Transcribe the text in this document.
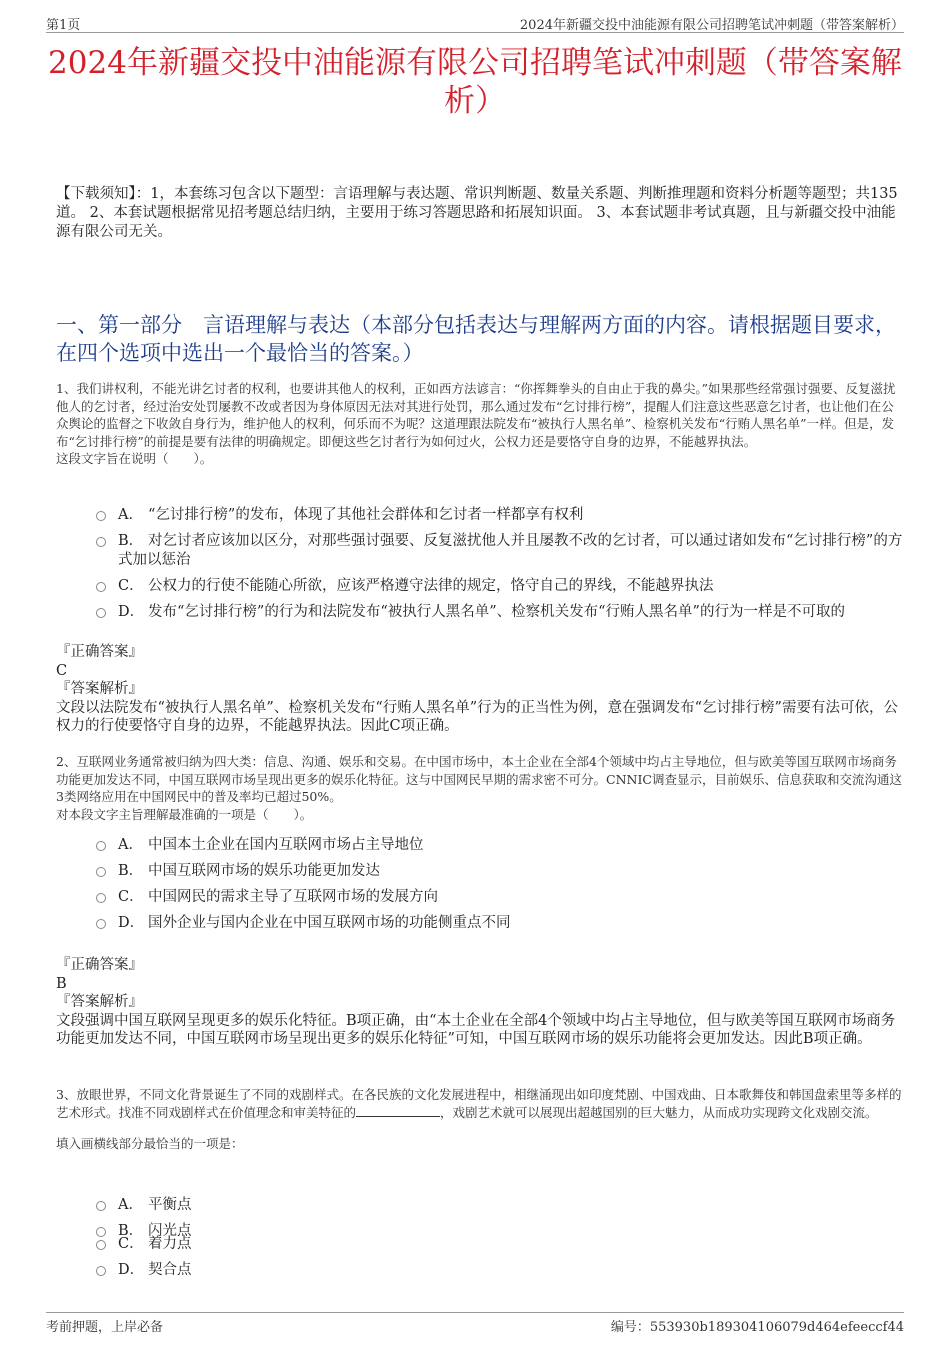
第1页	2024年新疆交投中油能源有限公司招聘笔试冲刺题（带答案解析）
2024年新疆交投中油能源有限公司招聘笔试冲刺题（带答案解析）
【下载须知】：1，本套练习包含以下题型：言语理解与表达题、常识判断题、数量关系题、判断推理题和资料分析题等题型；共135道。 2、本套试题根据常见招考题总结归纳，主要用于练习答题思路和拓展知识面。 3、本套试题非考试真题，且与新疆交投中油能源有限公司无关。
一、第一部分　言语理解与表达（本部分包括表达与理解两方面的内容。请根据题目要求，在四个选项中选出一个最恰当的答案。）
1、我们讲权利，不能光讲乞讨者的权利，也要讲其他人的权利，正如西方法谚言：“你挥舞拳头的自由止于我的鼻尖。”如果那些经常强讨强要、反复滋扰他人的乞讨者，经过治安处罚屡教不改或者因为身体原因无法对其进行处罚，那么通过发布“乞讨排行榜”，提醒人们注意这些恶意乞讨者，也让他们在公众舆论的监督之下收敛自身行为，维护他人的权利，何乐而不为呢？这道理跟法院发布“被执行人黑名单”、检察机关发布“行贿人黑名单”一样。但是，发布“乞讨排行榜”的前提是要有法律的明确规定。即便这些乞讨者行为如何过火，公权力还是要恪守自身的边界，不能越界执法。
这段文字旨在说明（　　）。
A． “乞讨排行榜”的发布，体现了其他社会群体和乞讨者一样都享有权利
B． 对乞讨者应该加以区分，对那些强讨强要、反复滋扰他人并且屡教不改的乞讨者，可以通过诸如发布“乞讨排行榜”的方式加以惩治
C． 公权力的行使不能随心所欲，应该严格遵守法律的规定，恪守自己的界线，不能越界执法
D． 发布“乞讨排行榜”的行为和法院发布“被执行人黑名单”、检察机关发布“行贿人黑名单”的行为一样是不可取的
『正确答案』
C
『答案解析』
文段以法院发布“被执行人黑名单”、检察机关发布“行贿人黑名单”行为的正当性为例，意在强调发布“乞讨排行榜”需要有法可依，公权力的行使要恪守自身的边界，不能越界执法。因此C项正确。
2、互联网业务通常被归纳为四大类：信息、沟通、娱乐和交易。在中国市场中，本土企业在全部4个领域中均占主导地位，但与欧美等国互联网市场商务功能更加发达不同，中国互联网市场呈现出更多的娱乐化特征。这与中国网民早期的需求密不可分。CNNIC调查显示，目前娱乐、信息获取和交流沟通这3类网络应用在中国网民中的普及率均已超过50%。
对本段文字主旨理解最准确的一项是（　　）。
A． 中国本土企业在国内互联网市场占主导地位
B． 中国互联网市场的娱乐功能更加发达
C． 中国网民的需求主导了互联网市场的发展方向
D． 国外企业与国内企业在中国互联网市场的功能侧重点不同
『正确答案』
B
『答案解析』
文段强调中国互联网呈现更多的娱乐化特征。B项正确，由“本土企业在全部4个领域中均占主导地位，但与欧美等国互联网市场商务功能更加发达不同，中国互联网市场呈现出更多的娱乐化特征”可知，中国互联网市场的娱乐功能将会更加发达。因此B项正确。
3、放眼世界，不同文化背景诞生了不同的戏剧样式。在各民族的文化发展进程中，相继涌现出如印度梵剧、中国戏曲、日本歌舞伎和韩国盘索里等多样的艺术形式。找准不同戏剧样式在价值理念和审美特征的	，戏剧艺术就可以展现出超越国别的巨大魅力，从而成功实现跨文化戏剧交流。
填入画横线部分最恰当的一项是：
A． 平衡点
B． 闪光点
C． 着力点
D． 契合点
考前押题，上岸必备	编号：553930b189304106079d464efeeccf44
